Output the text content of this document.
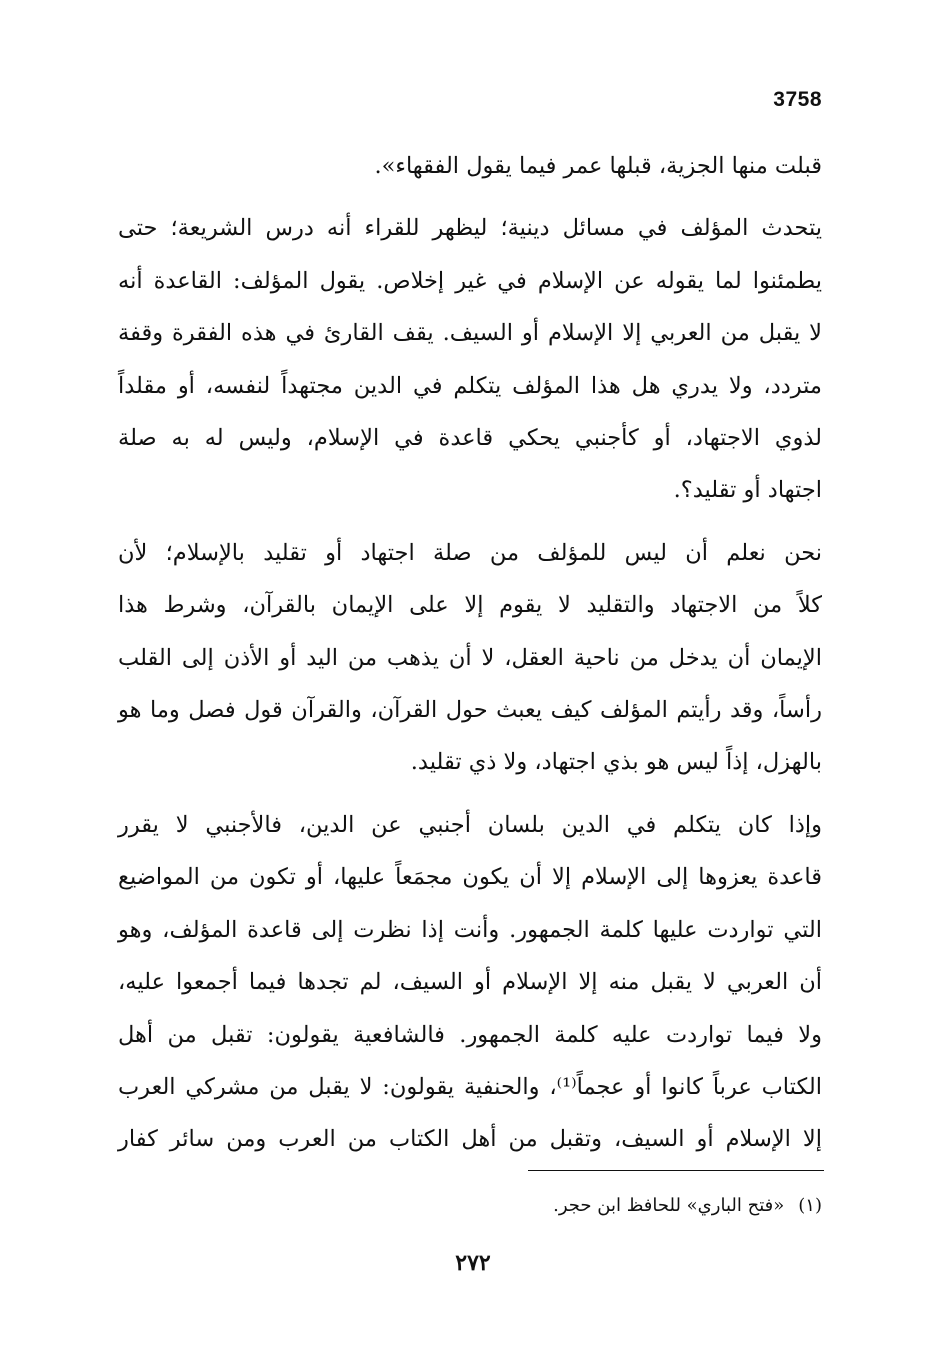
3758
قبلت منها الجزية، قبلها عمر فيما يقول الفقهاء».
يتحدث المؤلف في مسائل دينية؛ ليظهر للقراء أنه درس الشريعة؛ حتى
يطمئنوا لما يقوله عن الإسلام في غير إخلاص. يقول المؤلف: القاعدة أنه
لا يقبل من العربي إلا الإسلام أو السيف. يقف القارئ في هذه الفقرة وقفة
متردد، ولا يدري هل هذا المؤلف يتكلم في الدين مجتهداً لنفسه، أو مقلداً
لذوي الاجتهاد، أو كأجنبي يحكي قاعدة في الإسلام، وليس له به صلة
اجتهاد أو تقليد؟.
نحن نعلم أن ليس للمؤلف من صلة اجتهاد أو تقليد بالإسلام؛ لأن
كلاً من الاجتهاد والتقليد لا يقوم إلا على الإيمان بالقرآن، وشرط هذا
الإيمان أن يدخل من ناحية العقل، لا أن يذهب من اليد أو الأذن إلى القلب
رأساً، وقد رأيتم المؤلف كيف يعبث حول القرآن، والقرآن قول فصل وما هو
بالهزل، إذاً ليس هو بذي اجتهاد، ولا ذي تقليد.
وإذا كان يتكلم في الدين بلسان أجنبي عن الدين، فالأجنبي لا يقرر
قاعدة يعزوها إلى الإسلام إلا أن يكون مجمَعاً عليها، أو تكون من المواضيع
التي تواردت عليها كلمة الجمهور. وأنت إذا نظرت إلى قاعدة المؤلف، وهو
أن العربي لا يقبل منه إلا الإسلام أو السيف، لم تجدها فيما أجمعوا عليه،
ولا فيما تواردت عليه كلمة الجمهور. فالشافعية يقولون: تقبل من أهل
الكتاب عرباً كانوا أو عجماً⁽¹⁾، والحنفية يقولون: لا يقبل من مشركي العرب
إلا الإسلام أو السيف، وتقبل من أهل الكتاب من العرب ومن سائر كفار
(١)«فتح الباري» للحافظ ابن حجر.
٢٧٢
